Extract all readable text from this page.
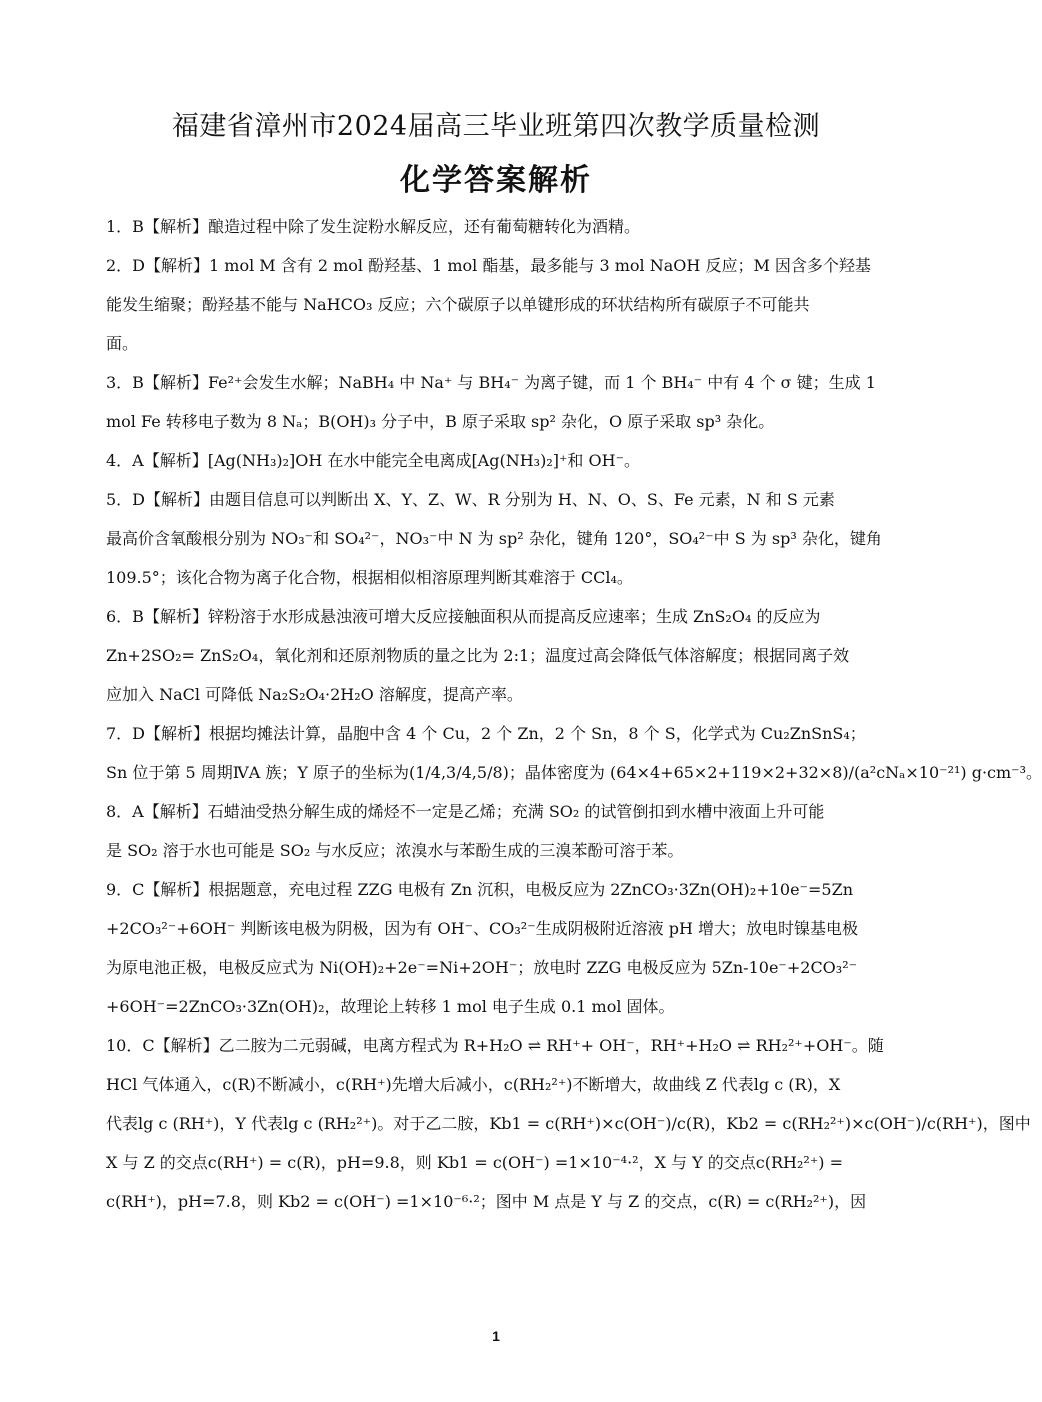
福建省漳州市2024届高三毕业班第四次教学质量检测
化学答案解析
1．B【解析】酿造过程中除了发生淀粉水解反应，还有葡萄糖转化为酒精。
2．D【解析】1 mol M 含有 2 mol 酚羟基、1 mol 酯基，最多能与 3 mol NaOH 反应；M 因含多个羟基
能发生缩聚；酚羟基不能与 NaHCO₃ 反应；六个碳原子以单键形成的环状结构所有碳原子不可能共
面。
3．B【解析】Fe²⁺会发生水解；NaBH₄ 中 Na⁺ 与 BH₄⁻ 为离子键，而 1 个 BH₄⁻ 中有 4 个 σ 键；生成 1
mol Fe 转移电子数为 8 Nₐ；B(OH)₃ 分子中，B 原子采取 sp² 杂化，O 原子采取 sp³ 杂化。
4．A【解析】[Ag(NH₃)₂]OH 在水中能完全电离成[Ag(NH₃)₂]⁺和 OH⁻。
5．D【解析】由题目信息可以判断出 X、Y、Z、W、R 分别为 H、N、O、S、Fe 元素，N 和 S 元素
最高价含氧酸根分别为 NO₃⁻和 SO₄²⁻，NO₃⁻中 N 为 sp² 杂化，键角 120°，SO₄²⁻中 S 为 sp³ 杂化，键角
109.5°；该化合物为离子化合物，根据相似相溶原理判断其难溶于 CCl₄。
6．B【解析】锌粉溶于水形成悬浊液可增大反应接触面积从而提高反应速率；生成 ZnS₂O₄ 的反应为
Zn+2SO₂= ZnS₂O₄，氧化剂和还原剂物质的量之比为 2:1；温度过高会降低气体溶解度；根据同离子效
应加入 NaCl 可降低 Na₂S₂O₄·2H₂O 溶解度，提高产率。
7．D【解析】根据均摊法计算，晶胞中含 4 个 Cu，2 个 Zn，2 个 Sn，8 个 S，化学式为 Cu₂ZnSnS₄；
Sn 位于第 5 周期ⅣA 族；Y 原子的坐标为(1/4,3/4,5/8)；晶体密度为 (64×4+65×2+119×2+32×8)/(a²cNₐ×10⁻²¹) g·cm⁻³。
8．A【解析】石蜡油受热分解生成的烯烃不一定是乙烯；充满 SO₂ 的试管倒扣到水槽中液面上升可能
是 SO₂ 溶于水也可能是 SO₂ 与水反应；浓溴水与苯酚生成的三溴苯酚可溶于苯。
9．C【解析】根据题意，充电过程 ZZG 电极有 Zn 沉积，电极反应为 2ZnCO₃·3Zn(OH)₂+10e⁻=5Zn
+2CO₃²⁻+6OH⁻ 判断该电极为阴极，因为有 OH⁻、CO₃²⁻生成阴极附近溶液 pH 增大；放电时镍基电极
为原电池正极，电极反应式为 Ni(OH)₂+2e⁻=Ni+2OH⁻；放电时 ZZG 电极反应为 5Zn-10e⁻+2CO₃²⁻
+6OH⁻=2ZnCO₃·3Zn(OH)₂，故理论上转移 1 mol 电子生成 0.1 mol 固体。
10．C【解析】乙二胺为二元弱碱，电离方程式为 R+H₂O ⇌ RH⁺+ OH⁻，RH⁺+H₂O ⇌ RH₂²⁺+OH⁻。随
HCl 气体通入，c(R)不断减小，c(RH⁺)先增大后减小，c(RH₂²⁺)不断增大，故曲线 Z 代表lg c (R)，X
代表lg c (RH⁺)，Y 代表lg c (RH₂²⁺)。对于乙二胺，Kb1 = c(RH⁺)×c(OH⁻)/c(R)，Kb2 = c(RH₂²⁺)×c(OH⁻)/c(RH⁺)，图中
X 与 Z 的交点c(RH⁺) = c(R)，pH=9.8，则 Kb1 = c(OH⁻) =1×10⁻⁴·²，X 与 Y 的交点c(RH₂²⁺) =
c(RH⁺)，pH=7.8，则 Kb2 = c(OH⁻) =1×10⁻⁶·²；图中 M 点是 Y 与 Z 的交点，c(R) = c(RH₂²⁺)，因
1
